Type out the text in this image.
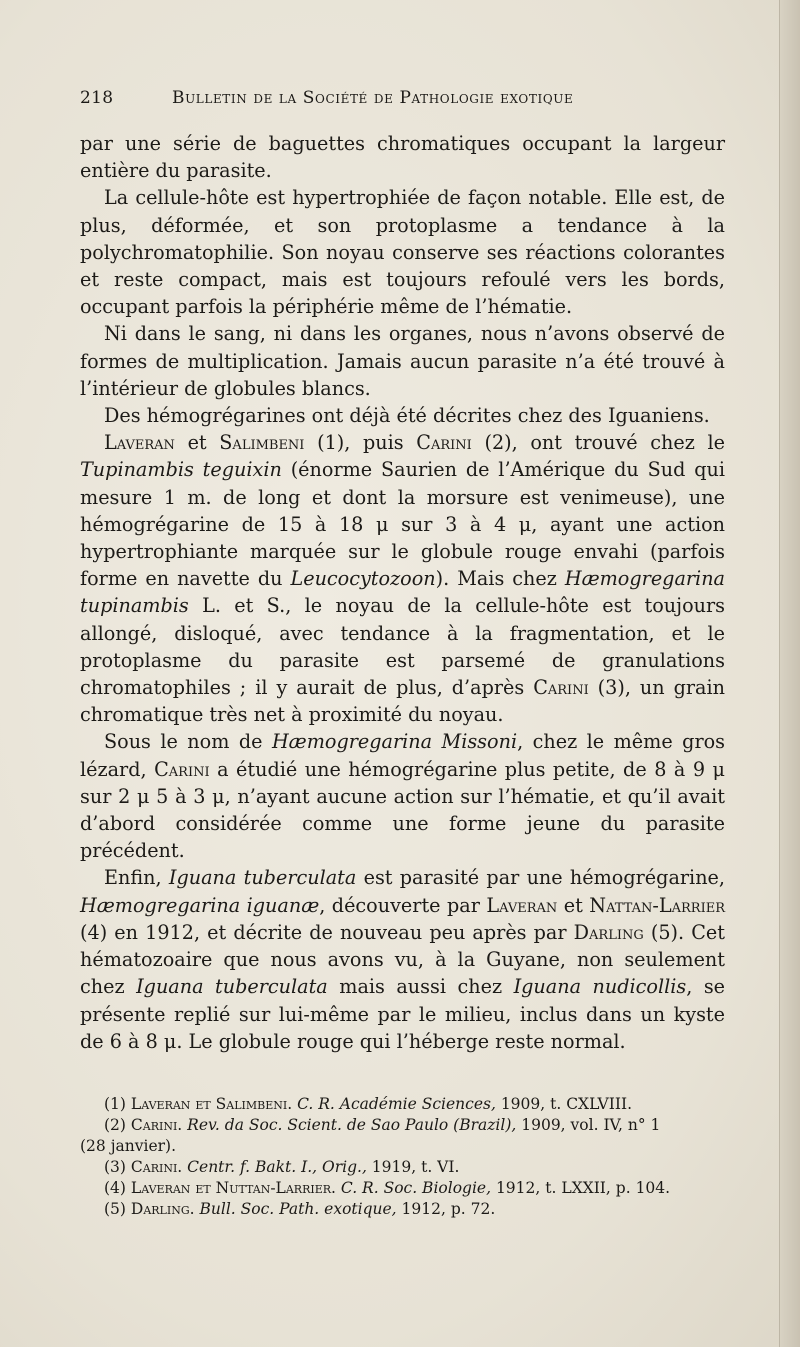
218	Bulletin de la Société de Pathologie exotique

par une série de baguettes chromatiques occupant la largeur entière du parasite.

La cellule-hôte est hypertrophiée de façon notable. Elle est, de plus, déformée, et son protoplasme a tendance à la polychromatophilie. Son noyau conserve ses réactions colorantes et reste compact, mais est toujours refoulé vers les bords, occupant parfois la périphérie même de l’hématie.

Ni dans le sang, ni dans les organes, nous n’avons observé de formes de multiplication. Jamais aucun parasite n’a été trouvé à l’intérieur de globules blancs.

Des hémogrégarines ont déjà été décrites chez des Iguaniens.

Laveran et Salimbeni (1), puis Carini (2), ont trouvé chez le Tupinambis teguixin (énorme Saurien de l’Amérique du Sud qui mesure 1 m. de long et dont la morsure est venimeuse), une hémogrégarine de 15 à 18 μ sur 3 à 4 μ, ayant une action hypertrophiante marquée sur le globule rouge envahi (parfois forme en navette du Leucocytozoon). Mais chez Hæmogregarina tupinambis L. et S., le noyau de la cellule-hôte est toujours allongé, disloqué, avec tendance à la fragmentation, et le protoplasme du parasite est parsemé de granulations chromatophiles ; il y aurait de plus, d’après Carini (3), un grain chromatique très net à proximité du noyau.

Sous le nom de Hæmogregarina Missoni, chez le même gros lézard, Carini a étudié une hémogrégarine plus petite, de 8 à 9 μ sur 2 μ 5 à 3 μ, n’ayant aucune action sur l’hématie, et qu’il avait d’abord considérée comme une forme jeune du parasite précédent.

Enfin, Iguana tuberculata est parasité par une hémogrégarine, Hæmogregarina iguanæ, découverte par Laveran et Nattan-Larrier (4) en 1912, et décrite de nouveau peu après par Darling (5). Cet hématozoaire que nous avons vu, à la Guyane, non seulement chez Iguana tuberculata mais aussi chez Iguana nudicollis, se présente replié sur lui-même par le milieu, inclus dans un kyste de 6 à 8 μ. Le globule rouge qui l’héberge reste normal.

(1) Laveran et Salimbeni. C. R. Académie Sciences, 1909, t. CXLVIII.
(2) Carini. Rev. da Soc. Scient. de Sao Paulo (Brazil), 1909, vol. IV, n° 1
(28 janvier).
(3) Carini. Centr. f. Bakt. I., Orig., 1919, t. VI.
(4) Laveran et Nuttan-Larrier. C. R. Soc. Biologie, 1912, t. LXXII, p. 104.
(5) Darling. Bull. Soc. Path. exotique, 1912, p. 72.
